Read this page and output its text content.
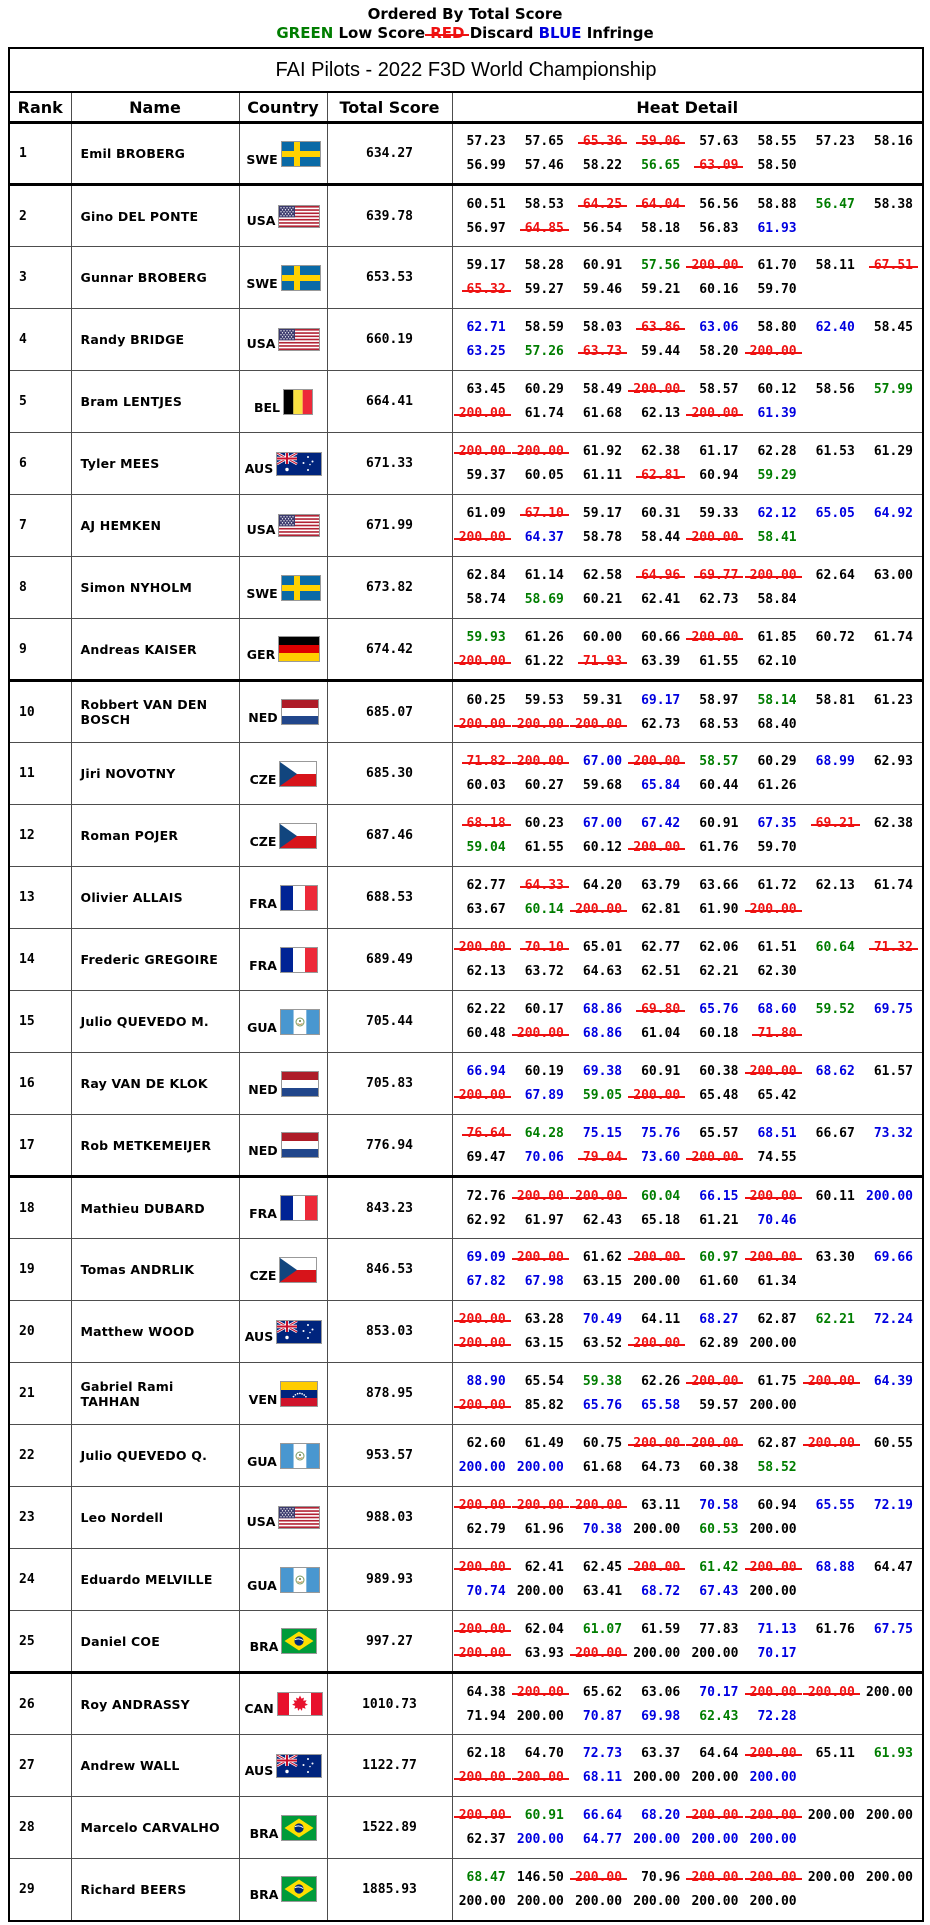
Ordered By Total Score
GREEN Low Score RED Discard BLUE Infringe
FAI Pilots - 2022 F3D World Championship				
Rank	Name	Country	Total Score	Heat Detail
1	Emil BROBERG	SWE	634.27	
57.23	57.65	65.36	59.06	57.63	58.55	57.23	58.16
56.99	57.46	58.22	56.65	63.09	58.50

2	Gino DEL PONTE	USA	639.78	
60.51	58.53	64.25	64.04	56.56	58.88	56.47	58.38
56.97	64.85	56.54	58.18	56.83	61.93

3	Gunnar BROBERG	SWE	653.53	
59.17	58.28	60.91	57.56 200.00	61.70	58.11	67.51
65.32	59.27	59.46	59.21	60.16	59.70

4	Randy BRIDGE	USA	660.19	
62.71	58.59	58.03	63.86	63.06	58.80	62.40	58.45
63.25	57.26	63.73	59.44	58.20 200.00

5	Bram LENTJES	BEL	664.41	
63.45	60.29	58.49 200.00	58.57	60.12	58.56	57.99
200.00	61.74	61.68	62.13 200.00	61.39

6	Tyler MEES	AUS	671.33	
200.00 200.00	61.92	62.38	61.17	62.28	61.53	61.29
59.37	60.05	61.11	62.81	60.94	59.29

7	AJ HEMKEN	USA	671.99	
61.09	67.10	59.17	60.31	59.33	62.12	65.05	64.92
200.00	64.37	58.78	58.44 200.00	58.41

8	Simon NYHOLM	SWE	673.82	
62.84	61.14	62.58	64.96	69.77 200.00	62.64	63.00
58.74	58.69	60.21	62.41	62.73	58.84

9	Andreas KAISER	GER	674.42	
59.93	61.26	60.00	60.66 200.00	61.85	60.72	61.74
200.00	61.22	71.93	63.39	61.55	62.10

10	Robbert VAN DEN BOSCH	NED	685.07	
60.25	59.53	59.31	69.17	58.97	58.14	58.81	61.23
200.00 200.00 200.00	62.73	68.53	68.40

11	Jiri NOVOTNY	CZE	685.30	
71.82 200.00	67.00 200.00	58.57	60.29	68.99	62.93
60.03	60.27	59.68	65.84	60.44	61.26

12	Roman POJER	CZE	687.46	
68.18	60.23	67.00	67.42	60.91	67.35	69.21	62.38
59.04	61.55	60.12 200.00	61.76	59.70

13	Olivier ALLAIS	FRA	688.53	
62.77	64.33	64.20	63.79	63.66	61.72	62.13	61.74
63.67	60.14 200.00	62.81	61.90 200.00

14	Frederic GREGOIRE	FRA	689.49	
200.00	70.10	65.01	62.77	62.06	61.51	60.64	71.32
62.13	63.72	64.63	62.51	62.21	62.30

15	Julio QUEVEDO M.	GUA	705.44	
62.22	60.17	68.86	69.80	65.76	68.60	59.52	69.75
60.48 200.00	68.86	61.04	60.18	71.80

16	Ray VAN DE KLOK	NED	705.83	
66.94	60.19	69.38	60.91	60.38 200.00	68.62	61.57
200.00	67.89	59.05 200.00	65.48	65.42

17	Rob METKEMEIJER	NED	776.94	
76.64	64.28	75.15	75.76	65.57	68.51	66.67	73.32
69.47	70.06	79.04	73.60 200.00	74.55

18	Mathieu DUBARD	FRA	843.23	
72.76 200.00 200.00	60.04	66.15 200.00	60.11 200.00
62.92	61.97	62.43	65.18	61.21	70.46

19	Tomas ANDRLIK	CZE	846.53	
69.09 200.00	61.62 200.00	60.97 200.00	63.30	69.66
67.82	67.98	63.15 200.00	61.60	61.34

20	Matthew WOOD	AUS	853.03	
200.00	63.28	70.49	64.11	68.27	62.87	62.21	72.24
200.00	63.15	63.52 200.00	62.89 200.00

21	Gabriel Rami TAHHAN	VEN	878.95	
88.90	65.54	59.38	62.26 200.00	61.75 200.00	64.39
200.00	85.82	65.76	65.58	59.57 200.00

22	Julio QUEVEDO Q.	GUA	953.57	
62.60	61.49	60.75 200.00 200.00	62.87 200.00	60.55
200.00 200.00	61.68	64.73	60.38	58.52

23	Leo Nordell	USA	988.03	
200.00 200.00 200.00	63.11	70.58	60.94	65.55	72.19
62.79	61.96	70.38 200.00	60.53 200.00

24	Eduardo MELVILLE	GUA	989.93	
200.00	62.41	62.45 200.00	61.42 200.00	68.88	64.47
70.74 200.00	63.41	68.72	67.43 200.00

25	Daniel COE	BRA	997.27	
200.00	62.04	61.07	61.59	77.83	71.13	61.76	67.75
200.00	63.93 200.00 200.00 200.00	70.17

26	Roy ANDRASSY	CAN	1010.73	
64.38 200.00	65.62	63.06	70.17 200.00 200.00 200.00
71.94 200.00	70.87	69.98	62.43	72.28

27	Andrew WALL	AUS	1122.77	
62.18	64.70	72.73	63.37	64.64 200.00	65.11	61.93
200.00 200.00	68.11 200.00 200.00 200.00

28	Marcelo CARVALHO	BRA	1522.89	
200.00	60.91	66.64	68.20 200.00 200.00 200.00 200.00
62.37 200.00	64.77 200.00 200.00 200.00

29	Richard BEERS	BRA	1885.93	
68.47 146.50 200.00	70.96 200.00 200.00 200.00 200.00
200.00 200.00 200.00 200.00 200.00 200.00
